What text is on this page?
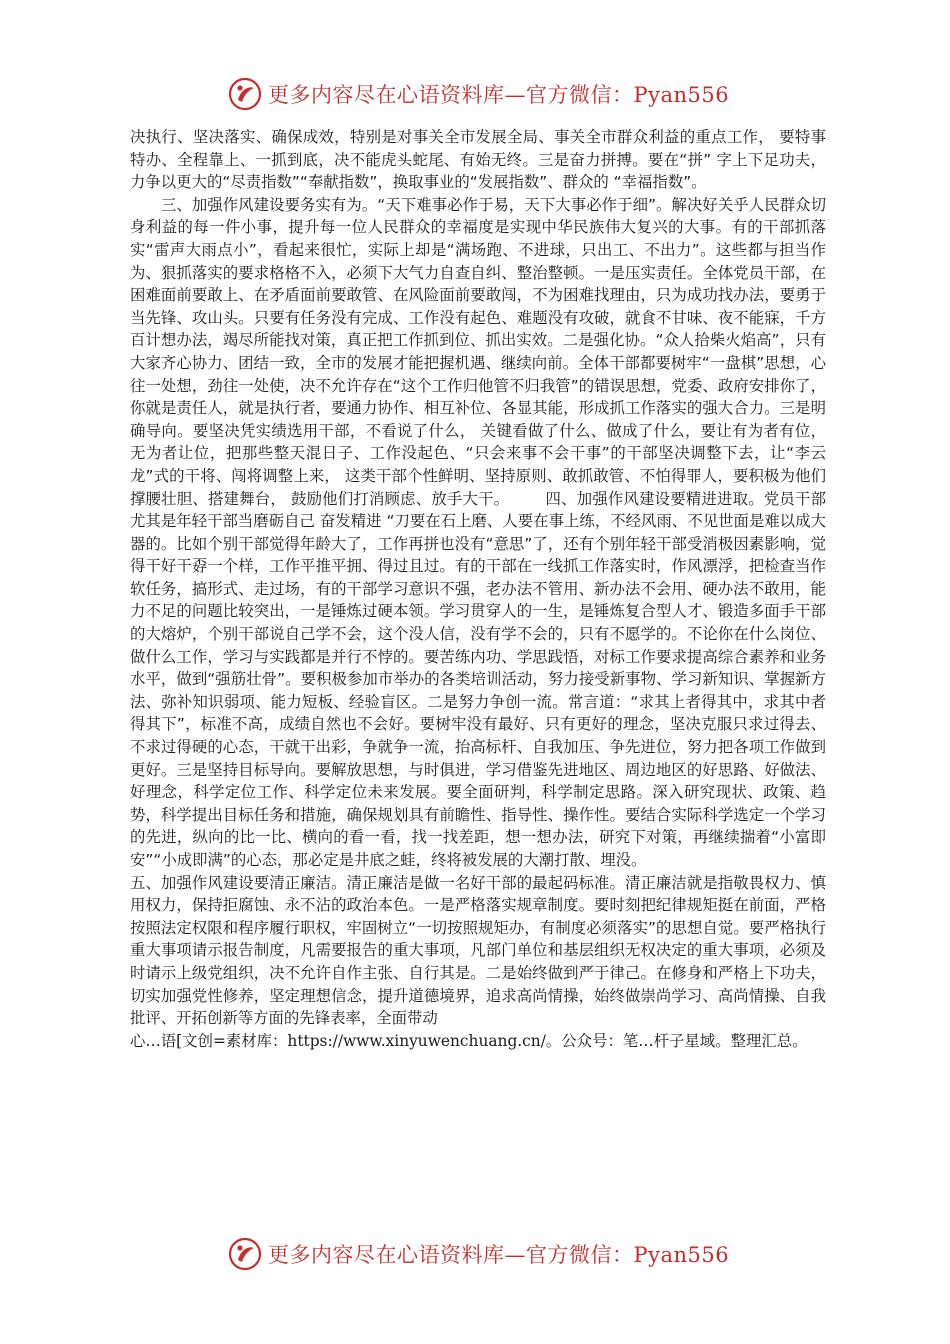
更多内容尽在心语资料库—官方微信：Pyan556

决执行、坚决落实、确保成效，特别是对事关全市发展全局、事关全市群众利益的重点工作， 要特事特办、全程靠上、一抓到底，决不能虎头蛇尾、有始无终。三是奋力拼搏。要在“拼” 字上下足功夫，力争以更大的“尽责指数”“奉献指数”，换取事业的“发展指数”、群众的 “幸福指数”。

　　三、加强作风建设要务实有为。“天下难事必作于易，天下大事必作于细”。解决好关乎人民群众切身利益的每一件小事，提升每一位人民群众的幸福度是实现中华民族伟大复兴的大事。有的干部抓落实“雷声大雨点小”，看起来很忙，实际上却是“满场跑、不进球，只出工、不出力”。这些都与担当作为、狠抓落实的要求格格不入，必须下大气力自查自纠、整治整顿。一是压实责任。全体党员干部，在困难面前要敢上、在矛盾面前要敢管、在风险面前要敢闯，不为困难找理由，只为成功找办法，要勇于当先锋、攻山头。只要有任务没有完成、工作没有起色、难题没有攻破，就食不甘味、夜不能寐，千方百计想办法，竭尽所能找对策，真正把工作抓到位、抓出实效。二是强化协。“众人拾柴火焰高”，只有大家齐心协力、团结一致，全市的发展才能把握机遇、继续向前。全体干部都要树牢“一盘棋”思想，心往一处想，劲往一处使，决不允许存在“这个工作归他管不归我管”的错误思想，党委、政府安排你了，你就是责任人，就是执行者，要通力协作、相互补位、各显其能，形成抓工作落实的强大合力。三是明确导向。要坚决凭实绩选用干部，不看说了什么， 关键看做了什么、做成了什么，要让有为者有位，无为者让位，把那些整天混日子、工作没起色、“只会来事不会干事”的干部坚决调整下去，让“李云龙”式的干将、闯将调整上来， 这类干部个性鲜明、坚持原则、敢抓敢管、不怕得罪人，要积极为他们撑腰壮胆、搭建舞台， 鼓励他们打消顾虑、放手大干。 　　四、加强作风建设要精进进取。党员干部尤其是年轻干部当磨砺自己 奋发精进 “刀要在石上磨、人要在事上练，不经风雨、不见世面是难以成大器的。比如个别干部觉得年龄大了，工作再拼也没有“意思”了，还有个别年轻干部受消极因素影响，觉得干好干孬一个样，工作平推平拥、得过且过。有的干部在一线抓工作落实时，作风漂浮，把检查当作软任务，搞形式、走过场，有的干部学习意识不强，老办法不管用、新办法不会用、硬办法不敢用，能力不足的问题比较突出，一是锤炼过硬本领。学习贯穿人的一生，是锤炼复合型人才、锻造多面手干部的大熔炉，个别干部说自己学不会，这个没人信，没有学不会的，只有不愿学的。不论你在什么岗位、做什么工作，学习与实践都是并行不悖的。要苦练内功、学思践悟，对标工作要求提高综合素养和业务水平，做到“强筋壮骨”。要积极参加市举办的各类培训活动，努力接受新事物、学习新知识、掌握新方法、弥补知识弱项、能力短板、经验盲区。二是努力争创一流。常言道：“求其上者得其中，求其中者得其下”，标准不高，成绩自然也不会好。要树牢没有最好、只有更好的理念，坚决克服只求过得去、不求过得硬的心态，干就干出彩，争就争一流，抬高标杆、自我加压、争先进位，努力把各项工作做到更好。三是坚持目标导向。要解放思想，与时俱进，学习借鉴先进地区、周边地区的好思路、好做法、好理念，科学定位工作、科学定位未来发展。要全面研判，科学制定思路。深入研究现状、政策、趋势，科学提出目标任务和措施，确保规划具有前瞻性、指导性、操作性。要结合实际科学选定一个学习的先进，纵向的比一比、横向的看一看，找一找差距，想一想办法，研究下对策，再继续揣着“小富即安”“小成即满”的心态，那必定是井底之蛙，终将被发展的大潮打散、埋没。

五、加强作风建设要清正廉洁。清正廉洁是做一名好干部的最起码标准。清正廉洁就是指敬畏权力、慎用权力，保持拒腐蚀、永不沾的政治本色。一是严格落实规章制度。要时刻把纪律规矩挺在前面，严格按照法定权限和程序履行职权，牢固树立“一切按照规矩办，有制度必须落实”的思想自觉。要严格执行重大事项请示报告制度，凡需要报告的重大事项，凡部门单位和基层组织无权决定的重大事项，必须及时请示上级党组织，决不允许自作主张、自行其是。二是始终做到严于律己。在修身和严格上下功夫，切实加强党性修养，坚定理想信念，提升道德境界，追求高尚情操，始终做崇尚学习、高尚情操、自我批评、开拓创新等方面的先锋表率，全面带动

心…语[文创=素材库：https://www.xinyuwenchuang.cn/。公众号：笔…杆子星域。整理汇总。

更多内容尽在心语资料库—官方微信：Pyan556
